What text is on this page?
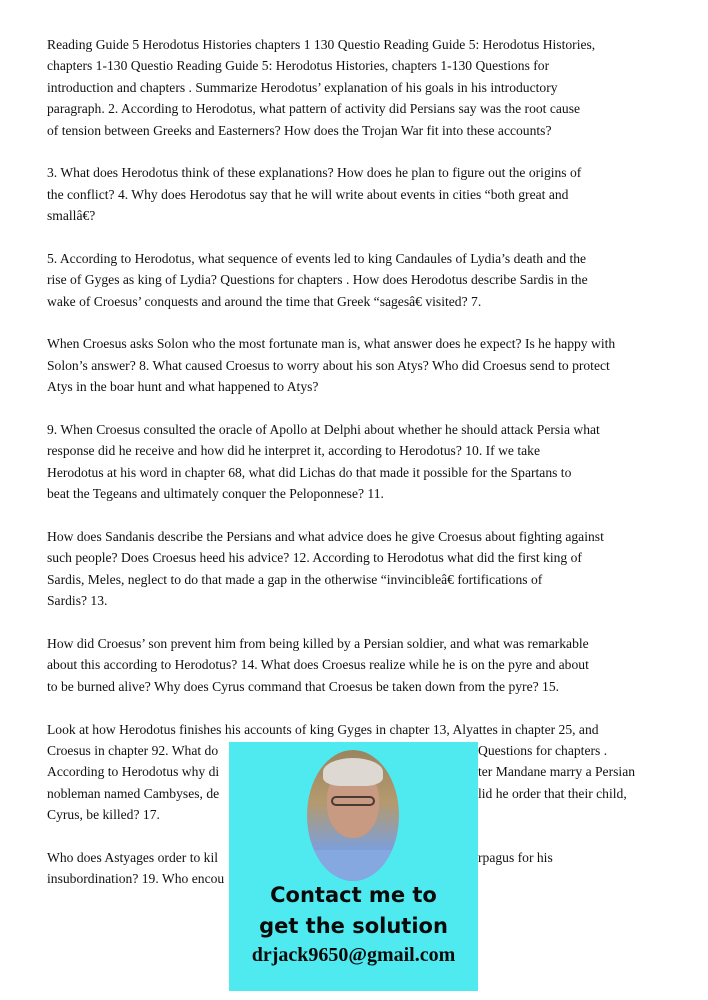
Reading Guide 5 Herodotus Histories chapters 1 130 Questio Reading Guide 5: Herodotus Histories,
chapters 1-130 Questio Reading Guide 5: Herodotus Histories, chapters 1-130 Questions for
introduction and chapters . Summarize Herodotus’ explanation of his goals in his introductory
paragraph. 2. According to Herodotus, what pattern of activity did Persians say was the root cause
of tension between Greeks and Easterners? How does the Trojan War fit into these accounts?
3. What does Herodotus think of these explanations? How does he plan to figure out the origins of
the conflict? 4. Why does Herodotus say that he will write about events in cities “both great and
smallâ€?
5. According to Herodotus, what sequence of events led to king Candaules of Lydia’s death and the
rise of Gyges as king of Lydia? Questions for chapters . How does Herodotus describe Sardis in the
wake of Croesus’ conquests and around the time that Greek “sagesâ€ visited? 7.
When Croesus asks Solon who the most fortunate man is, what answer does he expect? Is he happy with
Solon’s answer? 8. What caused Croesus to worry about his son Atys? Who did Croesus send to protect
Atys in the boar hunt and what happened to Atys?
9. When Croesus consulted the oracle of Apollo at Delphi about whether he should attack Persia what
response did he receive and how did he interpret it, according to Herodotus? 10. If we take
Herodotus at his word in chapter 68, what did Lichas do that made it possible for the Spartans to
beat the Tegeans and ultimately conquer the Peloponnese? 11.
How does Sandanis describe the Persians and what advice does he give Croesus about fighting against
such people? Does Croesus heed his advice? 12. According to Herodotus what did the first king of
Sardis, Meles, neglect to do that made a gap in the otherwise “invincibleâ€ fortifications of
Sardis? 13.
How did Croesus’ son prevent him from being killed by a Persian soldier, and what was remarkable
about this according to Herodotus? 14. What does Croesus realize while he is on the pyre and about
to be burned alive? Why does Cyrus command that Croesus be taken down from the pyre? 15.
Look at how Herodotus finishes his accounts of king Gyges in chapter 13, Alyattes in chapter 25, and
Croesus in chapter 92. What do	Questions for chapters .
According to Herodotus why di	ter Mandane marry a Persian
nobleman named Cambyses, de	lid he order that their child,
Cyrus, be killed? 17.
Who does Astyages order to kil	rpagus for his
insubordination? 19. Who encou
Contact me to
get the solution
drjack9650@gmail.com
